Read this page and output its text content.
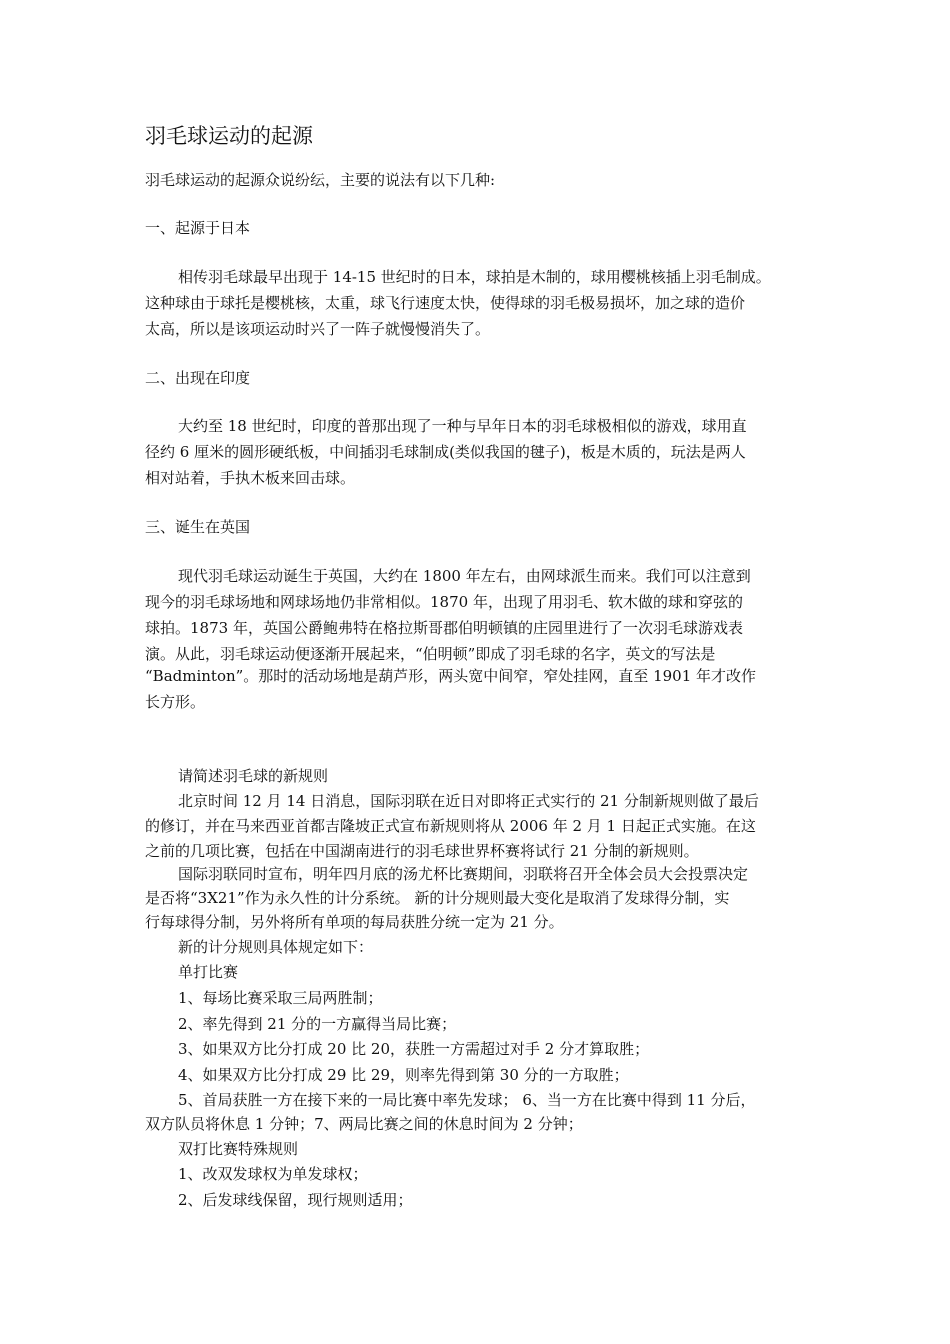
羽毛球运动的起源
羽毛球运动的起源众说纷纭，主要的说法有以下几种:
一、起源于日本
相传羽毛球最早出现于 14-15 世纪时的日本，球拍是木制的，球用樱桃核插上羽毛制成。
这种球由于球托是樱桃核，太重，球飞行速度太快，使得球的羽毛极易损坏，加之球的造价
太高，所以是该项运动时兴了一阵子就慢慢消失了。
二、出现在印度
大约至 18 世纪时，印度的普那出现了一种与早年日本的羽毛球极相似的游戏，球用直
径约 6 厘米的圆形硬纸板，中间插羽毛球制成(类似我国的毽子)，板是木质的，玩法是两人
相对站着，手执木板来回击球。
三、诞生在英国
现代羽毛球运动诞生于英国，大约在 1800 年左右，由网球派生而来。我们可以注意到
现今的羽毛球场地和网球场地仍非常相似。1870 年，出现了用羽毛、软木做的球和穿弦的
球拍。1873 年，英国公爵鲍弗特在格拉斯哥郡伯明顿镇的庄园里进行了一次羽毛球游戏表
演。从此，羽毛球运动便逐渐开展起来，“伯明顿”即成了羽毛球的名字，英文的写法是
“Badminton”。那时的活动场地是葫芦形，两头宽中间窄，窄处挂网，直至 1901 年才改作
长方形。
请简述羽毛球的新规则
北京时间 12 月 14 日消息，国际羽联在近日对即将正式实行的 21 分制新规则做了最后
的修订，并在马来西亚首都吉隆坡正式宣布新规则将从 2006 年 2 月 1 日起正式实施。在这
之前的几项比赛，包括在中国湖南进行的羽毛球世界杯赛将试行 21 分制的新规则。
国际羽联同时宣布，明年四月底的汤尤杯比赛期间，羽联将召开全体会员大会投票决定
是否将“3X21”作为永久性的计分系统。 新的计分规则最大变化是取消了发球得分制，实
行每球得分制，另外将所有单项的每局获胜分统一定为 21 分。
新的计分规则具体规定如下：
单打比赛
1、每场比赛采取三局两胜制；
2、率先得到 21 分的一方赢得当局比赛；
3、如果双方比分打成 20 比 20，获胜一方需超过对手 2 分才算取胜；
4、如果双方比分打成 29 比 29，则率先得到第 30 分的一方取胜；
5、首局获胜一方在接下来的一局比赛中率先发球； 6、当一方在比赛中得到 11 分后，
双方队员将休息 1 分钟；7、两局比赛之间的休息时间为 2 分钟；
双打比赛特殊规则
1、改双发球权为单发球权；
2、后发球线保留，现行规则适用；
